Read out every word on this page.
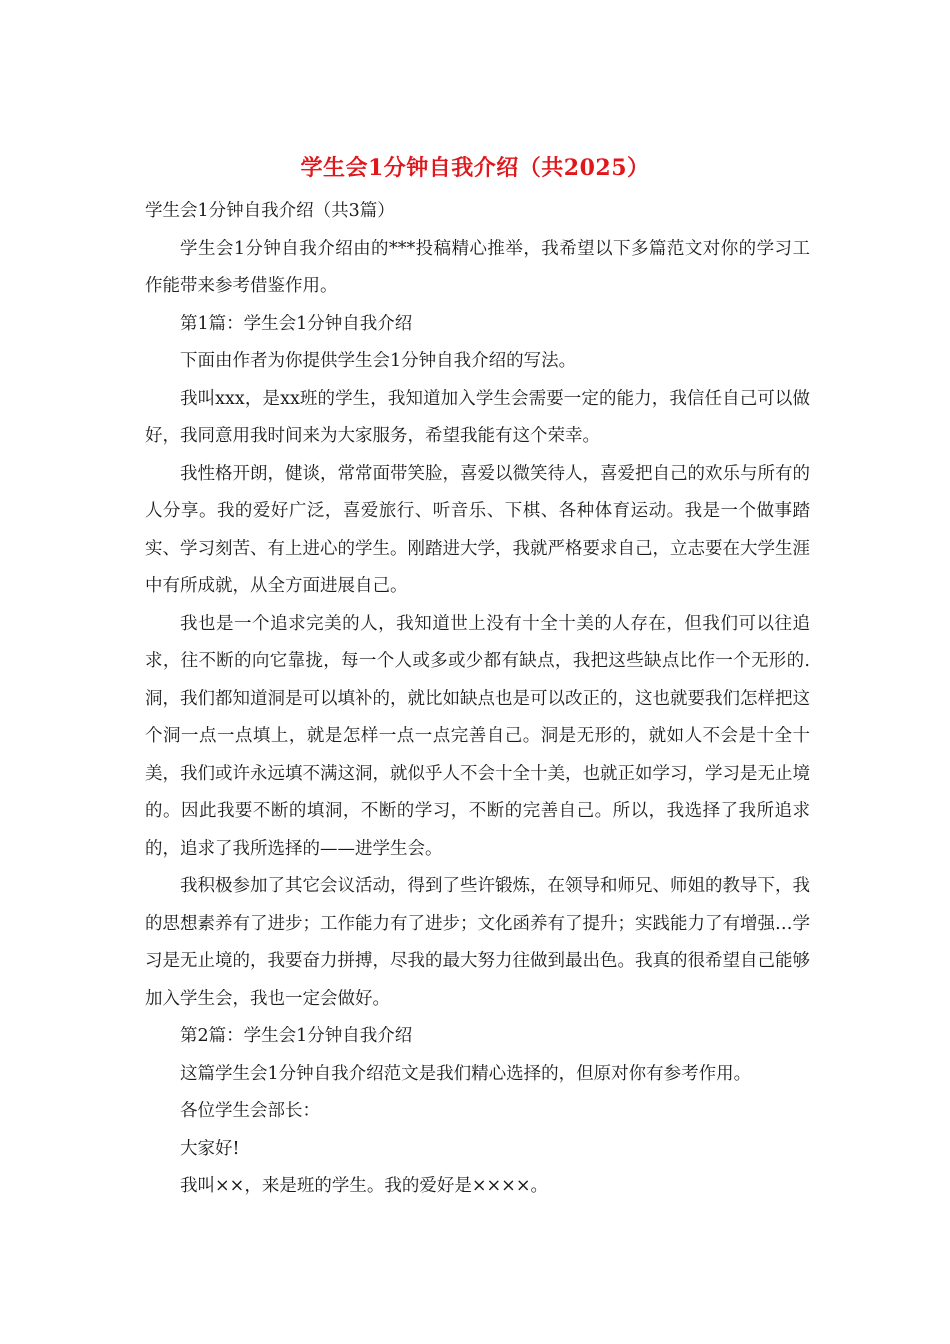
学生会1分钟自我介绍（共2025）

学生会1分钟自我介绍（共3篇）

学生会1分钟自我介绍由的***投稿精心推举，我希望以下多篇范文对你的学习工作能带来参考借鉴作用。

第1篇：学生会1分钟自我介绍

下面由作者为你提供学生会1分钟自我介绍的写法。

我叫xxx，是xx班的学生，我知道加入学生会需要一定的能力，我信任自己可以做好，我同意用我时间来为大家服务，希望我能有这个荣幸。

我性格开朗，健谈，常常面带笑脸，喜爱以微笑待人，喜爱把自己的欢乐与所有的人分享。我的爱好广泛，喜爱旅行、听音乐、下棋、各种体育运动。我是一个做事踏实、学习刻苦、有上进心的学生。刚踏进大学，我就严格要求自己，立志要在大学生涯中有所成就，从全方面进展自己。

我也是一个追求完美的人，我知道世上没有十全十美的人存在，但我们可以往追求，往不断的向它靠拢，每一个人或多或少都有缺点，我把这些缺点比作一个无形的.洞，我们都知道洞是可以填补的，就比如缺点也是可以改正的，这也就要我们怎样把这个洞一点一点填上，就是怎样一点一点完善自己。洞是无形的，就如人不会是十全十美，我们或许永远填不满这洞，就似乎人不会十全十美，也就正如学习，学习是无止境的。因此我要不断的填洞，不断的学习，不断的完善自己。所以，我选择了我所追求的，追求了我所选择的——进学生会。

我积极参加了其它会议活动，得到了些许锻炼，在领导和师兄、师姐的教导下，我的思想素养有了进步；工作能力有了进步；文化函养有了提升；实践能力了有增强…学习是无止境的，我要奋力拼搏，尽我的最大努力往做到最出色。我真的很希望自己能够加入学生会，我也一定会做好。

第2篇：学生会1分钟自我介绍

这篇学生会1分钟自我介绍范文是我们精心选择的，但原对你有参考作用。

各位学生会部长：

大家好!

我叫××，来是班的学生。我的爱好是××××。
